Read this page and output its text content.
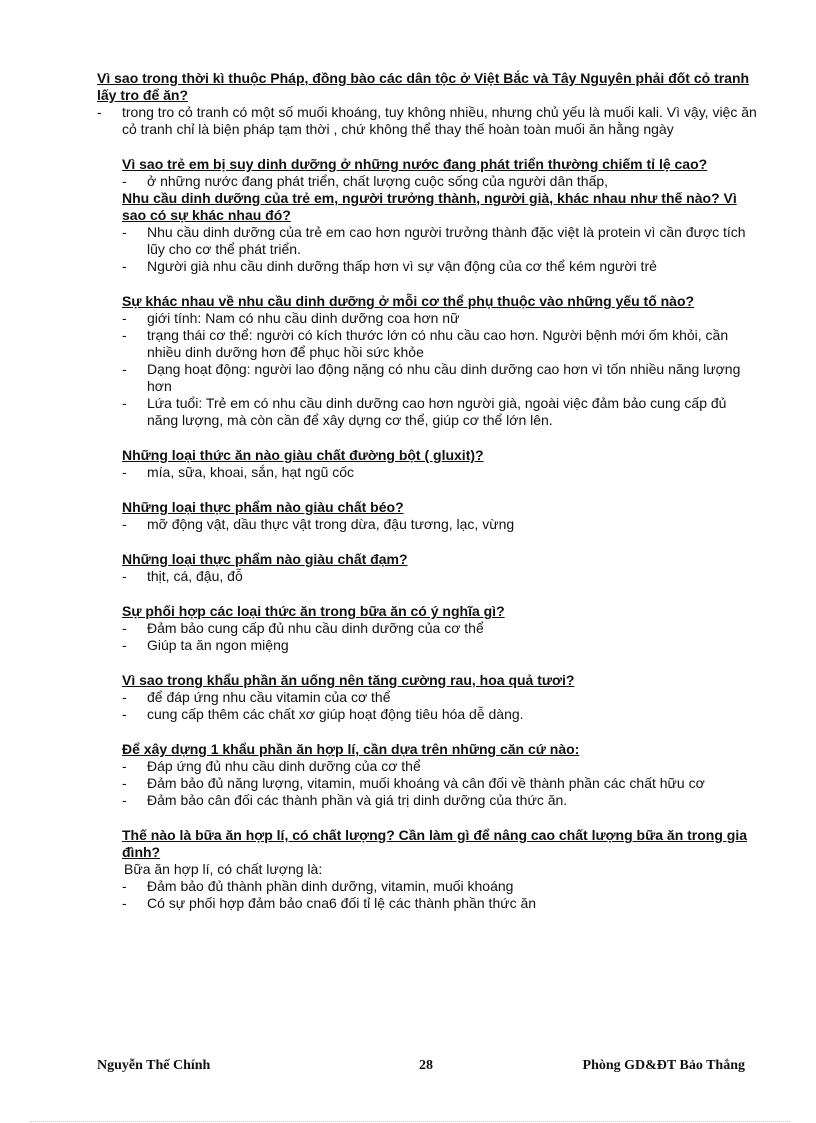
Vì sao trong thời kì thuộc Pháp, đồng bào các dân tộc ở Việt Bắc và Tây Nguyên phải đốt cỏ tranh lấy tro để ăn?

- trong tro cỏ tranh có một số muối khoáng, tuy không nhiều, nhưng chủ yếu là muối kali. Vì vậy, việc ăn cỏ tranh chỉ là biện pháp tạm thời , chứ không thể thay thế hoàn toàn muối ăn hằng ngày

Vì sao trẻ em bị suy dinh dưỡng ở những nước đang phát triển thường chiếm tỉ lệ cao?

- ở những nước đang phát triển, chất lượng cuộc sống của người dân thấp,

Nhu cầu dinh dưỡng của trẻ em, người trưởng thành, người già, khác nhau như thế nào? Vì sao có sự khác nhau đó?

- Nhu cầu dinh dưỡng của trẻ em cao hơn người trưởng thành đặc việt là protein vì cần được tích lũy cho cơ thể phát triển.
- Người già nhu cầu dinh dưỡng thấp hơn vì sự vận động của cơ thể kém người trẻ

Sự khác nhau về nhu cầu dinh dưỡng ở mỗi cơ thể phụ thuộc vào những yếu tố nào?

- giới tính: Nam có nhu cầu dinh dưỡng coa hơn nữ
- trạng thái cơ thể: người có kích thước lớn có nhu cầu cao hơn. Người bệnh mới ốm khỏi, cần nhiều dinh dưỡng hơn để phục hồi sức khỏe
- Dạng hoạt động: người lao động nặng có nhu cầu dinh dưỡng cao hơn vì tốn nhiều năng lượng hơn
- Lứa tuổi: Trẻ em có nhu cầu dinh dưỡng cao hơn người già, ngoài việc đảm bảo cung cấp đủ năng lượng, mà còn cần để xây dựng cơ thể, giúp cơ thể lớn lên.

Những loại thức ăn nào giàu chất đường bột ( gluxit)?

- mía, sữa, khoai, sắn, hạt ngũ cốc

Những loại thực phẩm nào giàu chất béo?

- mỡ động vật, dầu thực vật trong dừa, đậu tương, lạc, vừng

Những loại thực phẩm nào giàu chất đạm?

- thịt, cá, đậu, đỗ

Sự phối hợp các loại thức ăn trong bữa ăn có ý nghĩa gì?

- Đảm bảo cung cấp đủ nhu cầu dinh dưỡng của cơ thể
- Giúp ta ăn ngon miệng

Vì sao trong khẩu phần ăn uống nên tăng cường rau, hoa quả tươi?

- để đáp ứng nhu cầu vitamin của cơ thể
- cung cấp thêm các chất xơ giúp hoạt động tiêu hóa dễ dàng.

Để xây dựng 1 khẩu phần ăn hợp lí, cần dựa trên những căn cứ nào:

- Đáp ứng đủ nhu cầu dinh dưỡng của cơ thể
- Đảm bảo đủ năng lượng, vitamin, muối khoáng và cân đối về thành phần các chất hữu cơ
- Đảm bảo cân đối các thành phần và giá trị dinh dưỡng của thức ăn.

Thế nào là bữa ăn hợp lí, có chất lượng? Cần làm gì để nâng cao chất lượng bữa ăn trong gia đình?

Bữa ăn hợp lí, có chất lượng là:
- Đảm bảo đủ thành phần dinh dưỡng, vitamin, muối khoáng
- Có sự phối hợp đảm bảo cna6 đối tỉ lệ các thành phần thức ăn
Nguyễn Thế Chính	28	Phòng GD&ĐT Bảo Thắng
